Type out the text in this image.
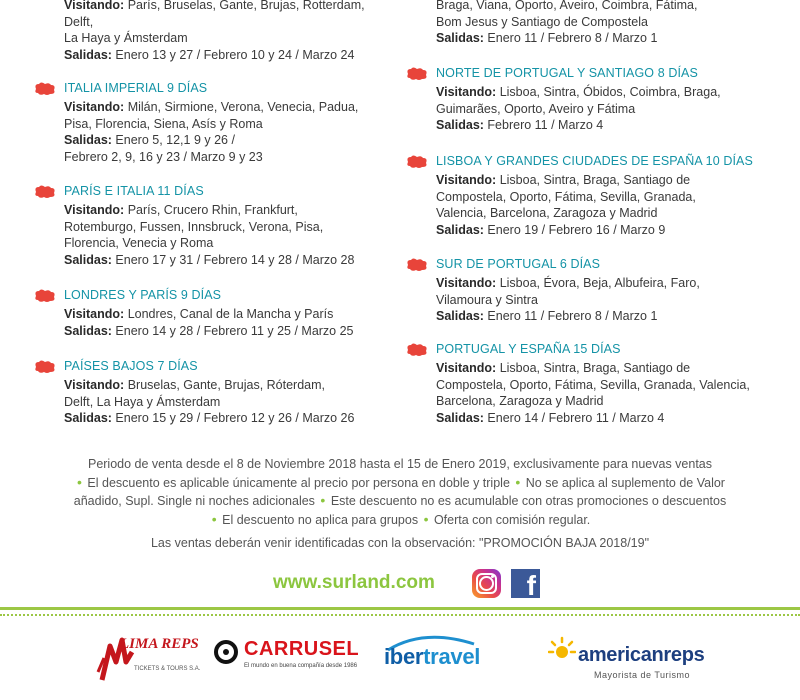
Visitando: París, Bruselas, Gante, Brujas, Rotterdam,
Delft,
La Haya y Ámsterdam
Salidas: Enero 13 y 27 / Febrero 10 y 24 / Marzo 24
ITALIA IMPERIAL 9 DÍAS
Visitando: Milán, Sirmione, Verona, Venecia, Padua,
Pisa, Florencia, Siena, Asís y Roma
Salidas: Enero 5, 12,1 9 y 26 /
Febrero 2, 9, 16 y 23 / Marzo 9 y 23
PARÍS E ITALIA 11 DÍAS
Visitando: París, Crucero Rhin, Frankfurt,
Rotemburgo, Fussen, Innsbruck, Verona, Pisa,
Florencia, Venecia y Roma
Salidas: Enero 17 y 31 / Febrero 14 y 28 / Marzo 28
LONDRES Y PARÍS 9 DÍAS
Visitando: Londres, Canal de la Mancha y París
Salidas: Enero 14 y 28 / Febrero 11 y 25 / Marzo 25
PAÍSES BAJOS 7 DÍAS
Visitando: Bruselas, Gante, Brujas, Róterdam,
Delft, La Haya y Ámsterdam
Salidas: Enero 15 y 29 / Febrero 12 y 26 / Marzo 26
Braga, Viana, Oporto, Aveiro, Coimbra, Fátima,
Bom Jesus y Santiago de Compostela
Salidas: Enero 11 / Febrero 8 / Marzo 1
NORTE DE PORTUGAL Y SANTIAGO 8 DÍAS
Visitando: Lisboa, Sintra, Óbidos, Coimbra, Braga,
Guimarães, Oporto, Aveiro y Fátima
Salidas: Febrero 11 / Marzo 4
LISBOA Y GRANDES CIUDADES DE ESPAÑA 10 DÍAS
Visitando: Lisboa, Sintra, Braga, Santiago de
Compostela, Oporto, Fátima, Sevilla, Granada,
Valencia, Barcelona, Zaragoza y Madrid
Salidas: Enero 19 / Febrero 16 / Marzo 9
SUR DE PORTUGAL 6 DÍAS
Visitando: Lisboa, Évora, Beja, Albufeira, Faro,
Vilamoura y Sintra
Salidas: Enero 11 / Febrero 8 / Marzo 1
PORTUGAL Y ESPAÑA 15 DÍAS
Visitando: Lisboa, Sintra, Braga, Santiago de
Compostela, Oporto, Fátima, Sevilla, Granada, Valencia,
Barcelona, Zaragoza y Madrid
Salidas: Enero 14 / Febrero 11 / Marzo 4
Periodo de venta desde el 8 de Noviembre 2018 hasta el 15 de Enero 2019, exclusivamente para nuevas ventas
• El descuento es aplicable únicamente al precio por persona en doble y triple • No se aplica al suplemento de Valor
añadido, Supl. Single ni noches adicionales • Este descuento no es acumulable con otras promociones o descuentos
• El descuento no aplica para grupos • Oferta con comisión regular.
Las ventas deberán venir identificadas con la observación: "PROMOCIÓN BAJA 2018/19"
www.surland.com	f
LIMA REPS
TICKETS & TOURS S.A.
CARRUSEL
El mundo en buena compañía desde 1986 ibertravel	americanreps
Mayorista de Turismo
